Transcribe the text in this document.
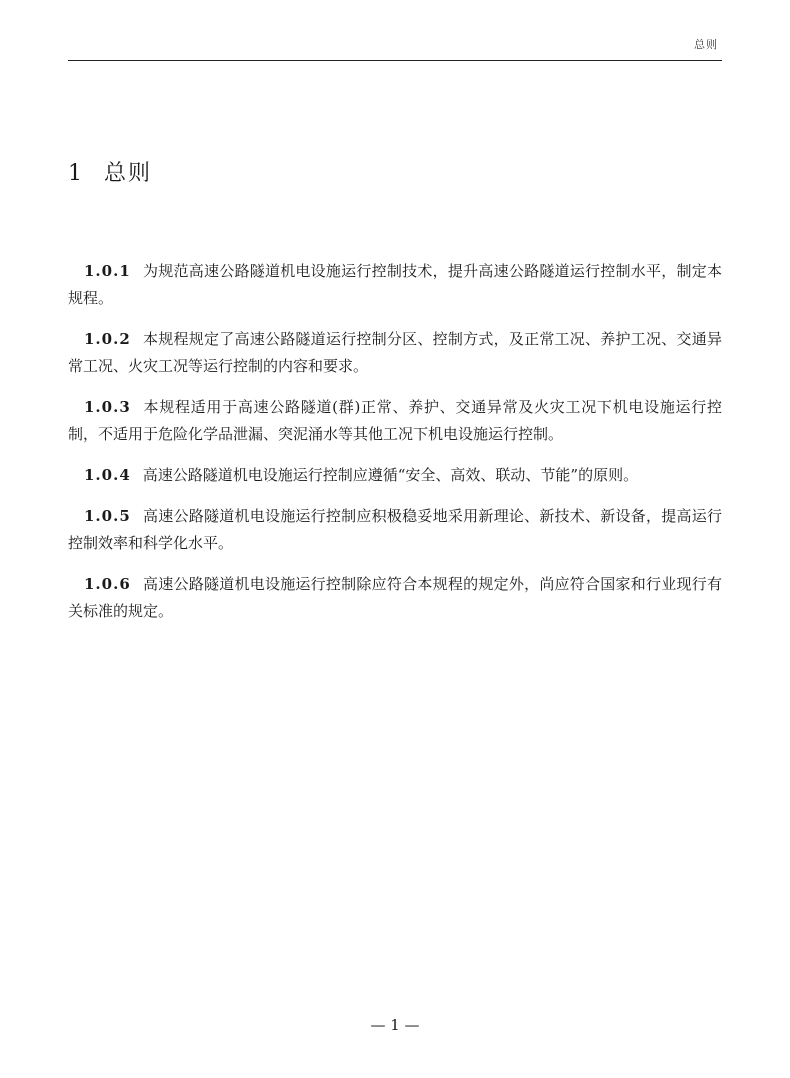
总则
1 总则

1.0.1 为规范高速公路隧道机电设施运行控制技术，提升高速公路隧道运行控制水平，制定本规程。

1.0.2 本规程规定了高速公路隧道运行控制分区、控制方式，及正常工况、养护工况、交通异常工况、火灾工况等运行控制的内容和要求。

1.0.3 本规程适用于高速公路隧道(群)正常、养护、交通异常及火灾工况下机电设施运行控制，不适用于危险化学品泄漏、突泥涌水等其他工况下机电设施运行控制。

1.0.4 高速公路隧道机电设施运行控制应遵循“安全、高效、联动、节能”的原则。

1.0.5 高速公路隧道机电设施运行控制应积极稳妥地采用新理论、新技术、新设备，提高运行控制效率和科学化水平。

1.0.6 高速公路隧道机电设施运行控制除应符合本规程的规定外，尚应符合国家和行业现行有关标准的规定。

— 1 —
